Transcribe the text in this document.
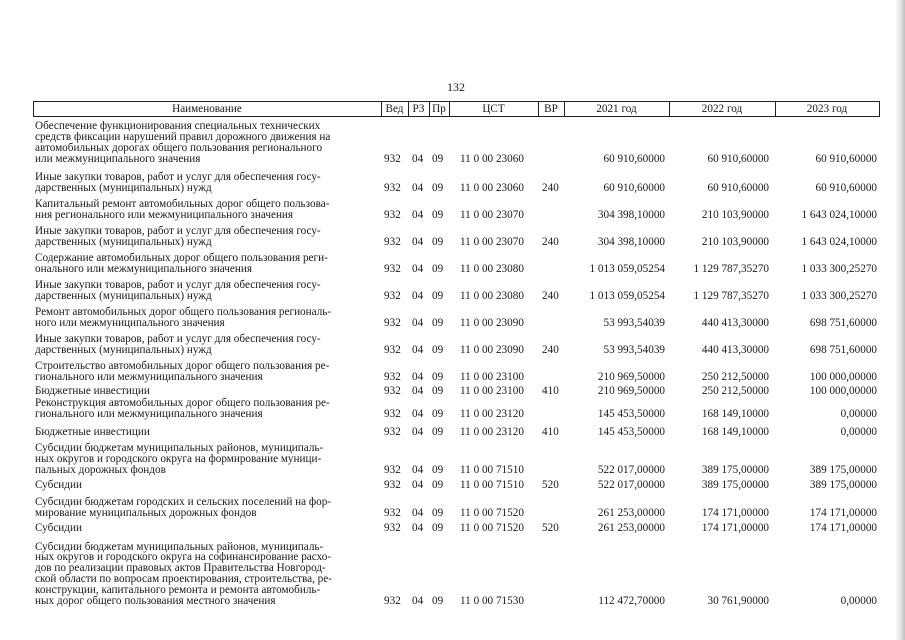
132
Наименование	Вед РЗ Пр	ЦСТ	ВР	2021 год	2022 год	2023 год
Обеспечение функционирования специальных технических
средств фиксации нарушений правил дорожного движения на
автомобильных дорогах общего пользования регионального
или межмуниципального значения	932 04 09 11 0 00 23060	60 910,60000	60 910,60000	60 910,60000
Иные закупки товаров, работ и услуг для обеспечения госу-
дарственных (муниципальных) нужд	932 04 09 11 0 00 23060 240	60 910,60000	60 910,60000	60 910,60000
Капитальный ремонт автомобильных дорог общего пользова-
ния регионального или межмуниципального значения	932 04 09 11 0 00 23070	304 398,10000	210 103,90000	1 643 024,10000
Иные закупки товаров, работ и услуг для обеспечения госу-
дарственных (муниципальных) нужд	932 04 09 11 0 00 23070 240	304 398,10000	210 103,90000	1 643 024,10000
Содержание автомобильных дорог общего пользования реги-
онального или межмуниципального значения	932 04 09 11 0 00 23080	1 013 059,05254	1 129 787,35270	1 033 300,25270
Иные закупки товаров, работ и услуг для обеспечения госу-
дарственных (муниципальных) нужд	932 04 09 11 0 00 23080 240	1 013 059,05254	1 129 787,35270	1 033 300,25270
Ремонт автомобильных дорог общего пользования региональ-
ного или межмуниципального значения	932 04 09 11 0 00 23090	53 993,54039	440 413,30000	698 751,60000
Иные закупки товаров, работ и услуг для обеспечения госу-
дарственных (муниципальных) нужд	932 04 09 11 0 00 23090 240	53 993,54039	440 413,30000	698 751,60000
Строительство автомобильных дорог общего пользования ре-
гионального или межмуниципального значения	932 04 09 11 0 00 23100	210 969,50000	250 212,50000	100 000,00000
Бюджетные инвестиции	932 04 09 11 0 00 23100 410	210 969,50000	250 212,50000	100 000,00000
Реконструкция автомобильных дорог общего пользования ре-
гионального или межмуниципального значения	932 04 09 11 0 00 23120	145 453,50000	168 149,10000	0,00000
Бюджетные инвестиции	932 04 09 11 0 00 23120 410	145 453,50000	168 149,10000	0,00000
Субсидии бюджетам муниципальных районов, муниципаль-
ных округов и городского округа на формирование муници-
пальных дорожных фондов	932 04 09 11 0 00 71510	522 017,00000	389 175,00000	389 175,00000
Субсидии	932 04 09 11 0 00 71510 520	522 017,00000	389 175,00000	389 175,00000
Субсидии бюджетам городских и сельских поселений на фор-
мирование муниципальных дорожных фондов	932 04 09 11 0 00 71520	261 253,00000	174 171,00000	174 171,00000
Субсидии	932 04 09 11 0 00 71520 520	261 253,00000	174 171,00000	174 171,00000
Субсидии бюджетам муниципальных районов, муниципаль-
ных округов и городского округа на софинансирование расхо-
дов по реализации правовых актов Правительства Новгород-
ской области по вопросам проектирования, строительства, ре-
конструкции, капитального ремонта и ремонта автомобиль-
ных дорог общего пользования местного значения	932 04 09 11 0 00 71530	112 472,70000	30 761,90000	0,00000
